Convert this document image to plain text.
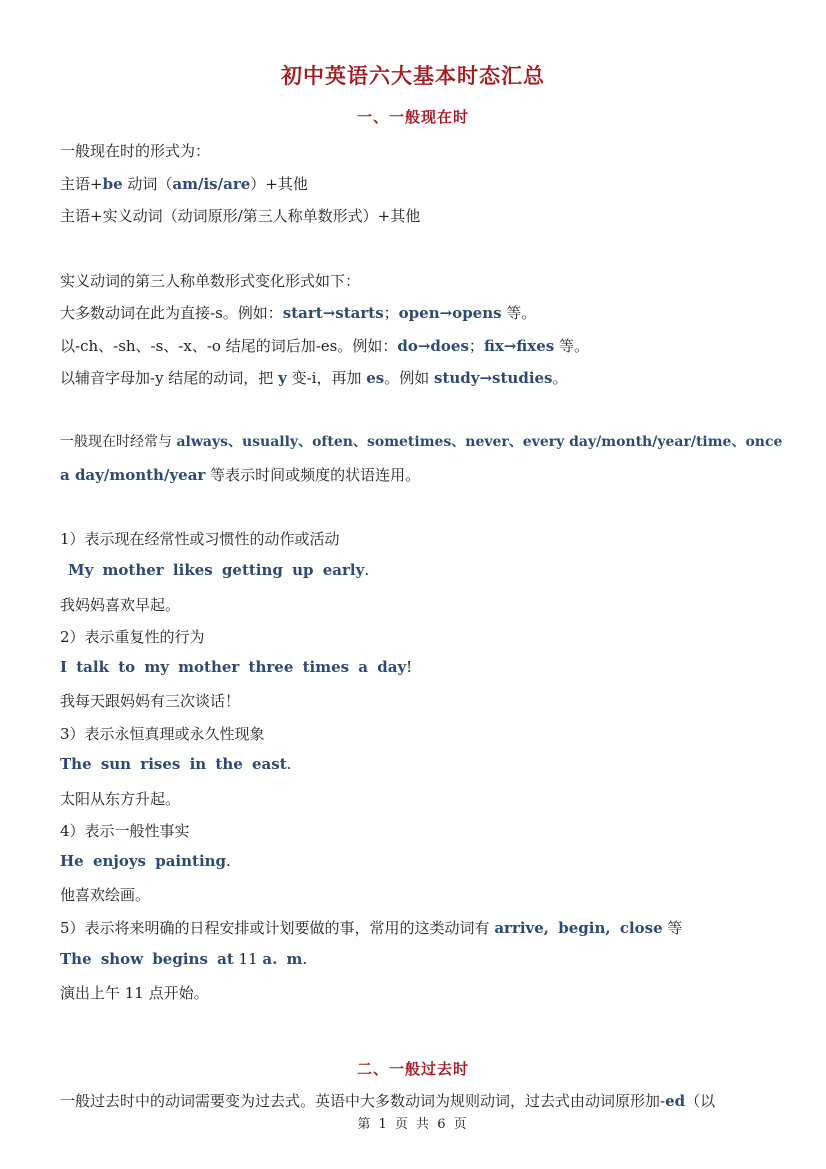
初中英语六大基本时态汇总
一、一般现在时
一般现在时的形式为：
主语+be 动词（am/is/are）+其他
主语+实义动词（动词原形/第三人称单数形式）+其他
实义动词的第三人称单数形式变化形式如下：
大多数动词在此为直接-s。例如：start→starts；open→opens 等。
以-ch、-sh、-s、-x、-o 结尾的词后加-es。例如：do→does；fix→fixes 等。
以辅音字母加-y 结尾的动词，把 y 变-i，再加 es。例如 study→studies。
一般现在时经常与 always、usually、often、sometimes、never、every day/month/year/time、once
a day/month/year 等表示时间或频度的状语连用。
1）表示现在经常性或习惯性的动作或活动
My mother likes getting up early.
我妈妈喜欢早起。
2）表示重复性的行为
I talk to my mother three times a day!
我每天跟妈妈有三次谈话！
3）表示永恒真理或永久性现象
The sun rises in the east.
太阳从东方升起。
4）表示一般性事实
He enjoys painting.
他喜欢绘画。
5）表示将来明确的日程安排或计划要做的事，常用的这类动词有 arrive, begin, close 等
The show begins at 11 a. m.
演出上午 11 点开始。
二、一般过去时
一般过去时中的动词需要变为过去式。英语中大多数动词为规则动词，过去式由动词原形加-ed（以
第 1 页 共 6 页
